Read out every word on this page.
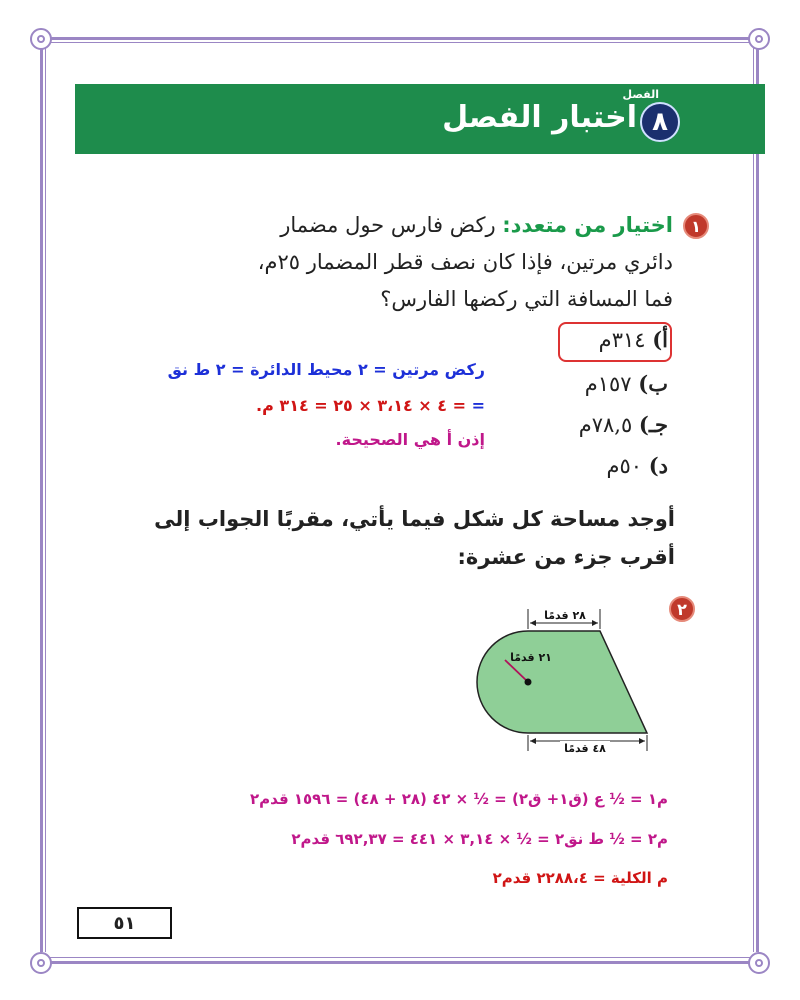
الفصل
٨
اختبار الفصل
١
اختيار من متعدد: ركض فارس حول مضمار
دائري مرتين، فإذا كان نصف قطر المضمار ٢٥م،
فما المسافة التي ركضها الفارس؟
أ) ٣١٤م
ب) ١٥٧م
جـ) ٧٨,٥م
د) ٥٠م
ركض مرتين = ٢ محيط الدائرة = ٢ ط نق
= = ٤ × ٣،١٤ × ٢٥ = ٣١٤ م.
إذن أ هي الصحيحة.
أوجد مساحة كل شكل فيما يأتي، مقربًا الجواب إلى
أقرب جزء من عشرة:
٢
٢٨ قدمًا
٢١ قدمًا
٤٨ قدمًا
م١ = ½ ع (ق١+ ق٢) = ½ × ٤٢ (٢٨ + ٤٨) = ١٥٩٦ قدم٢
م٢ = ½ ط نق٢ = ½ × ٣,١٤ × ٤٤١ = ٦٩٢,٣٧ قدم٢
م الكلية = ٢٢٨٨،٤ قدم٢
٥١
